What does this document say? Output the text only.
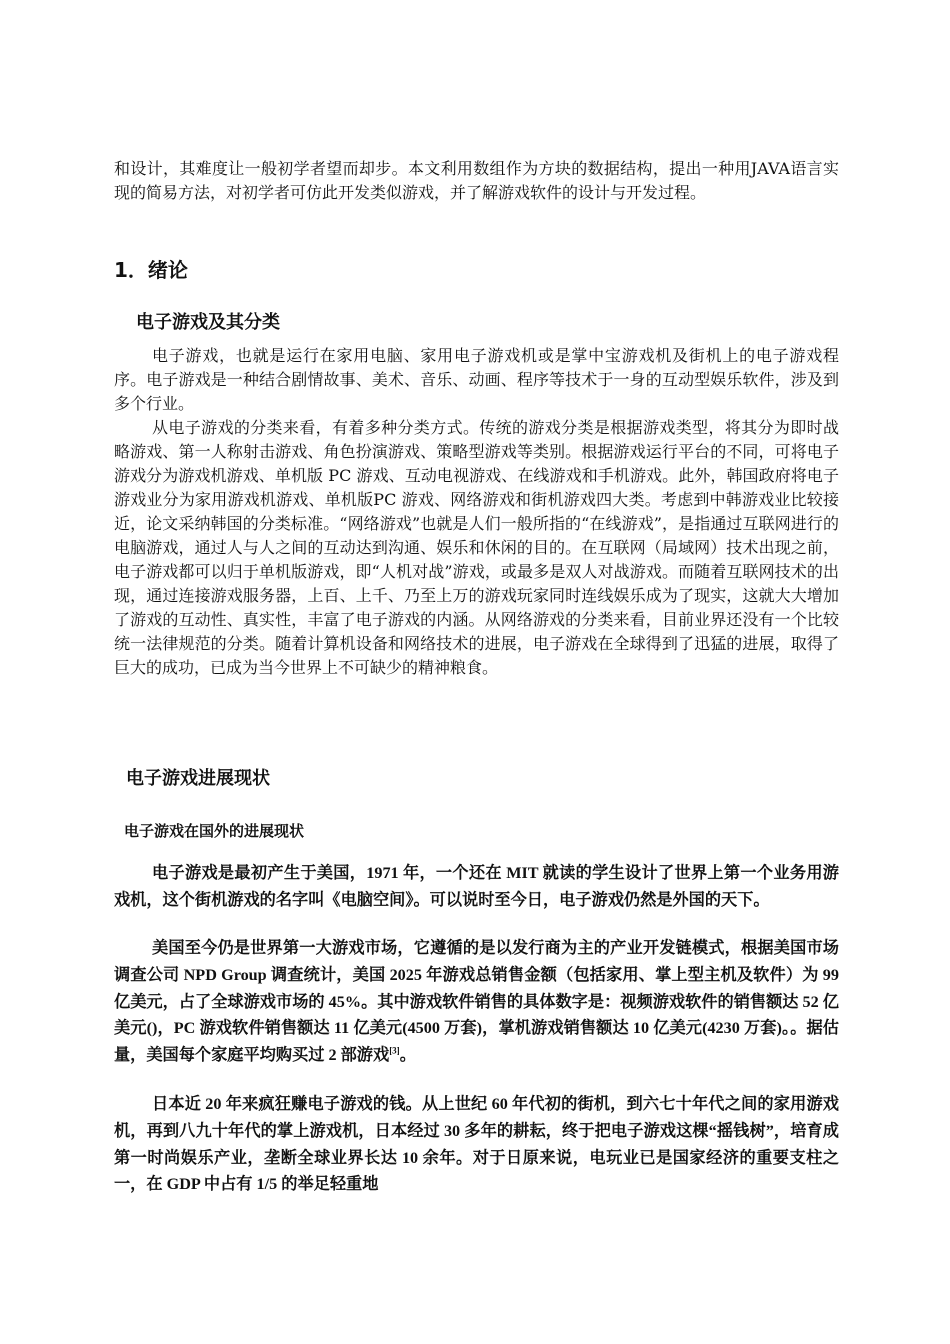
和设计，其难度让一般初学者望而却步。本文利用数组作为方块的数据结构，提出一种用JAVA语言实现的简易方法，对初学者可仿此开发类似游戏，并了解游戏软件的设计与开发过程。
1．绪论
电子游戏及其分类
电子游戏，也就是运行在家用电脑、家用电子游戏机或是掌中宝游戏机及街机上的电子游戏程序。电子游戏是一种结合剧情故事、美术、音乐、动画、程序等技术于一身的互动型娱乐软件，涉及到多个行业。
从电子游戏的分类来看，有着多种分类方式。传统的游戏分类是根据游戏类型，将其分为即时战略游戏、第一人称射击游戏、角色扮演游戏、策略型游戏等类别。根据游戏运行平台的不同，可将电子游戏分为游戏机游戏、单机版 PC 游戏、互动电视游戏、在线游戏和手机游戏。此外，韩国政府将电子游戏业分为家用游戏机游戏、单机版PC 游戏、网络游戏和街机游戏四大类。考虑到中韩游戏业比较接近，论文采纳韩国的分类标准。“网络游戏”也就是人们一般所指的“在线游戏”，是指通过互联网进行的电脑游戏，通过人与人之间的互动达到沟通、娱乐和休闲的目的。在互联网（局域网）技术出现之前，电子游戏都可以归于单机版游戏，即“人机对战”游戏，或最多是双人对战游戏。而随着互联网技术的出现，通过连接游戏服务器，上百、上千、乃至上万的游戏玩家同时连线娱乐成为了现实，这就大大增加了游戏的互动性、真实性，丰富了电子游戏的内涵。从网络游戏的分类来看，目前业界还没有一个比较统一法律规范的分类。随着计算机设备和网络技术的进展，电子游戏在全球得到了迅猛的进展，取得了巨大的成功，已成为当今世界上不可缺少的精神粮食。
电子游戏进展现状
电子游戏在国外的进展现状
电子游戏是最初产生于美国，1971 年，一个还在 MIT 就读的学生设计了世界上第一个业务用游戏机，这个街机游戏的名字叫《电脑空间》。可以说时至今日，电子游戏仍然是外国的天下。
美国至今仍是世界第一大游戏市场，它遵循的是以发行商为主的产业开发链模式，根据美国市场调查公司 NPD Group 调查统计，美国 2025 年游戏总销售金额（包括家用、掌上型主机及软件）为 99 亿美元，占了全球游戏市场的 45%。其中游戏软件销售的具体数字是：视频游戏软件的销售额达 52 亿美元()，PC 游戏软件销售额达 11 亿美元(4500 万套)，掌机游戏销售额达 10 亿美元(4230 万套)。。据估量，美国每个家庭平均购买过 2 部游戏[3]。
日本近 20 年来疯狂赚电子游戏的钱。从上世纪 60 年代初的街机，到六七十年代之间的家用游戏机，再到八九十年代的掌上游戏机，日本经过 30 多年的耕耘，终于把电子游戏这棵“摇钱树”，培育成第一时尚娱乐产业，垄断全球业界长达 10 余年。对于日原来说，电玩业已是国家经济的重要支柱之一，在 GDP 中占有 1/5 的举足轻重地
